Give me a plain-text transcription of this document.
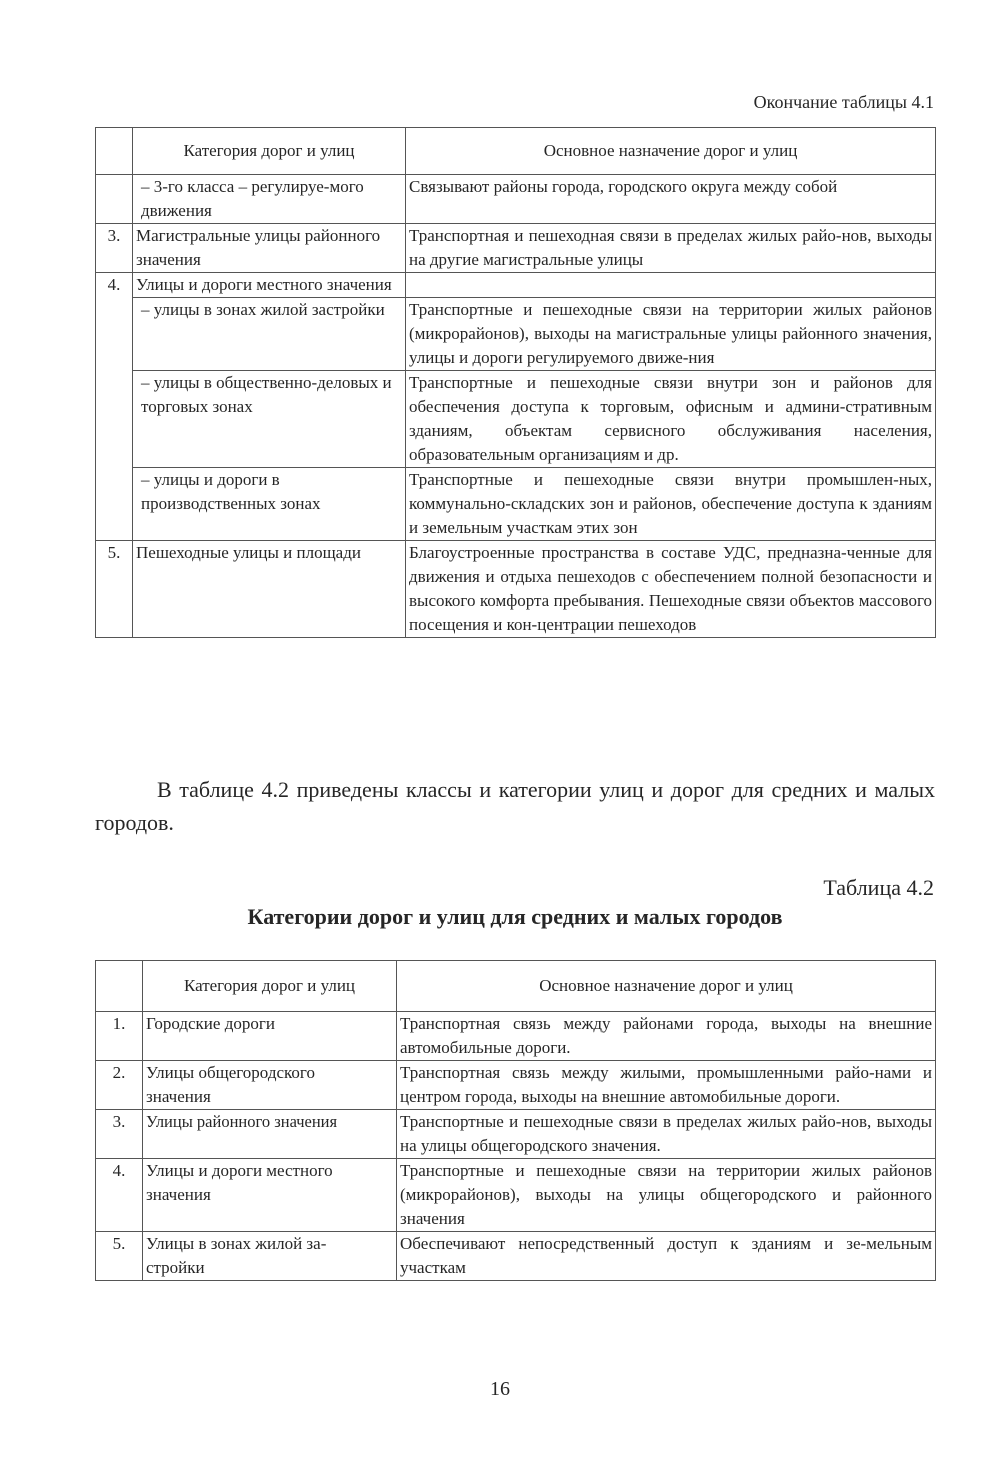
Окончание таблицы 4.1
	Категория дорог и улиц	Основное назначение дорог и улиц
	– 3-го класса – регулируе-мого движения	Связывают районы города, городского округа между собой
3.	Магистральные улицы районного значения	Транспортная и пешеходная связи в пределах жилых райо-нов, выходы на другие магистральные улицы
4.	Улицы и дороги местного значения	
	– улицы в зонах жилой застройки	Транспортные и пешеходные связи на территории жилых районов (микрорайонов), выходы на магистральные улицы районного значения, улицы и дороги регулируемого движе-ния
	– улицы в общественно-деловых и торговых зонах	Транспортные и пешеходные связи внутри зон и районов для обеспечения доступа к торговым, офисным и админи-стративным зданиям, объектам сервисного обслуживания населения, образовательным организациям и др.
	– улицы и дороги в производственных зонах	Транспортные и пешеходные связи внутри промышлен-ных, коммунально-складских зон и районов, обеспечение доступа к зданиям и земельным участкам этих зон
5.	Пешеходные улицы и площади	Благоустроенные пространства в составе УДС, предназна-ченные для движения и отдыха пешеходов с обеспечением полной безопасности и высокого комфорта пребывания. Пешеходные связи объектов массового посещения и кон-центрации пешеходов
В таблице 4.2 приведены классы и категории улиц и дорог для средних и малых городов.
Таблица 4.2
Категории дорог и улиц для средних и малых городов
	Категория дорог и улиц	Основное назначение дорог и улиц
1.	Городские дороги	Транспортная связь между районами города, выходы на внешние автомобильные дороги.
2.	Улицы общегородского значения	Транспортная связь между жилыми, промышленными райо-нами и центром города, выходы на внешние автомобильные дороги.
3.	Улицы районного значения	Транспортные и пешеходные связи в пределах жилых райо-нов, выходы на улицы общегородского значения.
4.	Улицы и дороги местного значения	Транспортные и пешеходные связи на территории жилых районов (микрорайонов), выходы на улицы общегородского и районного значения
5.	Улицы в зонах жилой за-стройки	Обеспечивают непосредственный доступ к зданиям и зе-мельным участкам
16
